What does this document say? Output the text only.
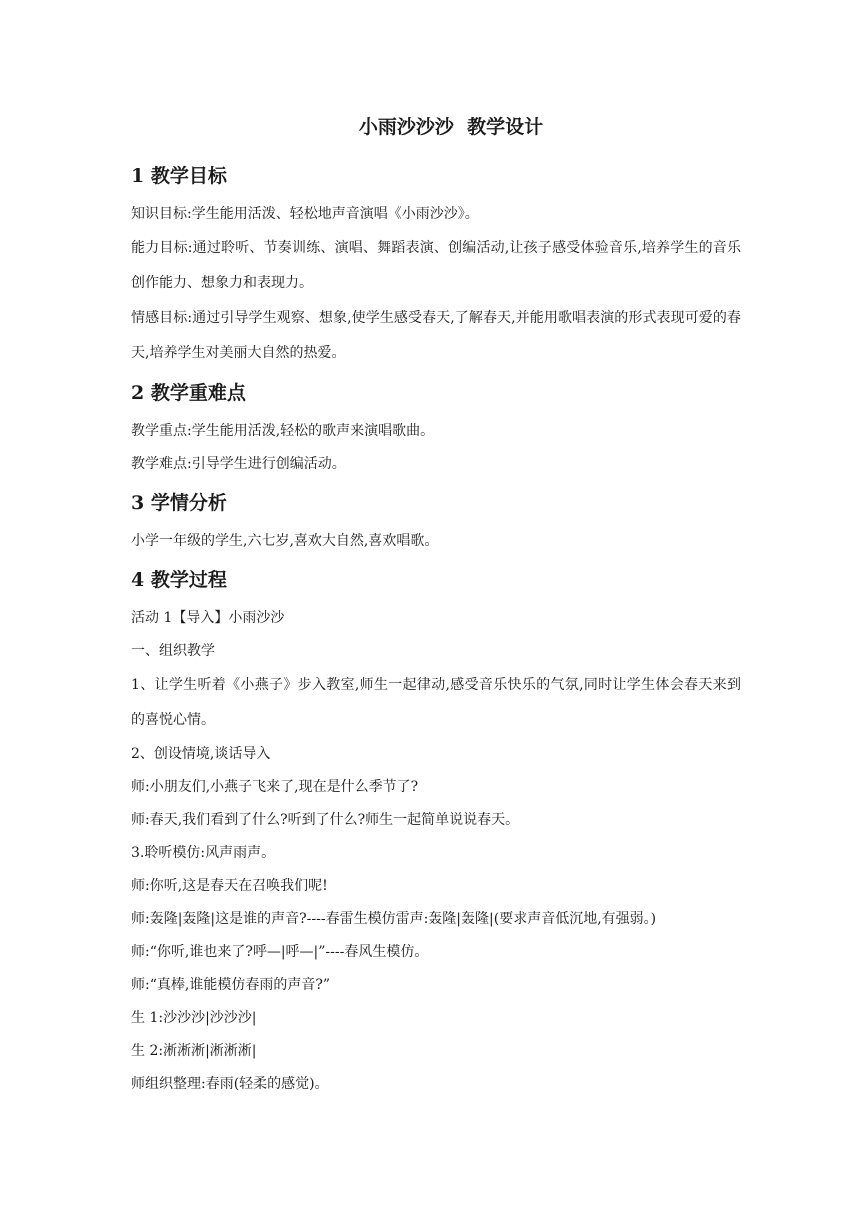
小雨沙沙沙  教学设计
1 教学目标

知识目标:学生能用活泼、轻松地声音演唱《小雨沙沙》。

能力目标:通过聆听、节奏训练、演唱、舞蹈表演、创编活动,让孩子感受体验音乐,培养学生的音乐创作能力、想象力和表现力。

情感目标:通过引导学生观察、想象,使学生感受春天,了解春天,并能用歌唱表演的形式表现可爱的春天,培养学生对美丽大自然的热爱。

2 教学重难点

教学重点:学生能用活泼,轻松的歌声来演唱歌曲。

教学难点:引导学生进行创编活动。

3 学情分析

小学一年级的学生,六七岁,喜欢大自然,喜欢唱歌。

4 教学过程

活动 1【导入】小雨沙沙

一、组织教学

1、让学生听着《小燕子》步入教室,师生一起律动,感受音乐快乐的气氛,同时让学生体会春天来到的喜悦心情。

2、创设情境,谈话导入

师:小朋友们,小燕子飞来了,现在是什么季节了?

师:春天,我们看到了什么?听到了什么?师生一起简单说说春天。

3.聆听模仿:风声雨声。

师:你听,这是春天在召唤我们呢!

师:轰隆|轰隆|这是谁的声音?----春雷生模仿雷声:轰隆|轰隆|(要求声音低沉地,有强弱。)

师:“你听,谁也来了?呼—|呼—|”----春风生模仿。

师:“真棒,谁能模仿春雨的声音?”

生 1:沙沙沙|沙沙沙|

生 2:淅淅淅|淅淅淅|

师组织整理:春雨(轻柔的感觉)。
